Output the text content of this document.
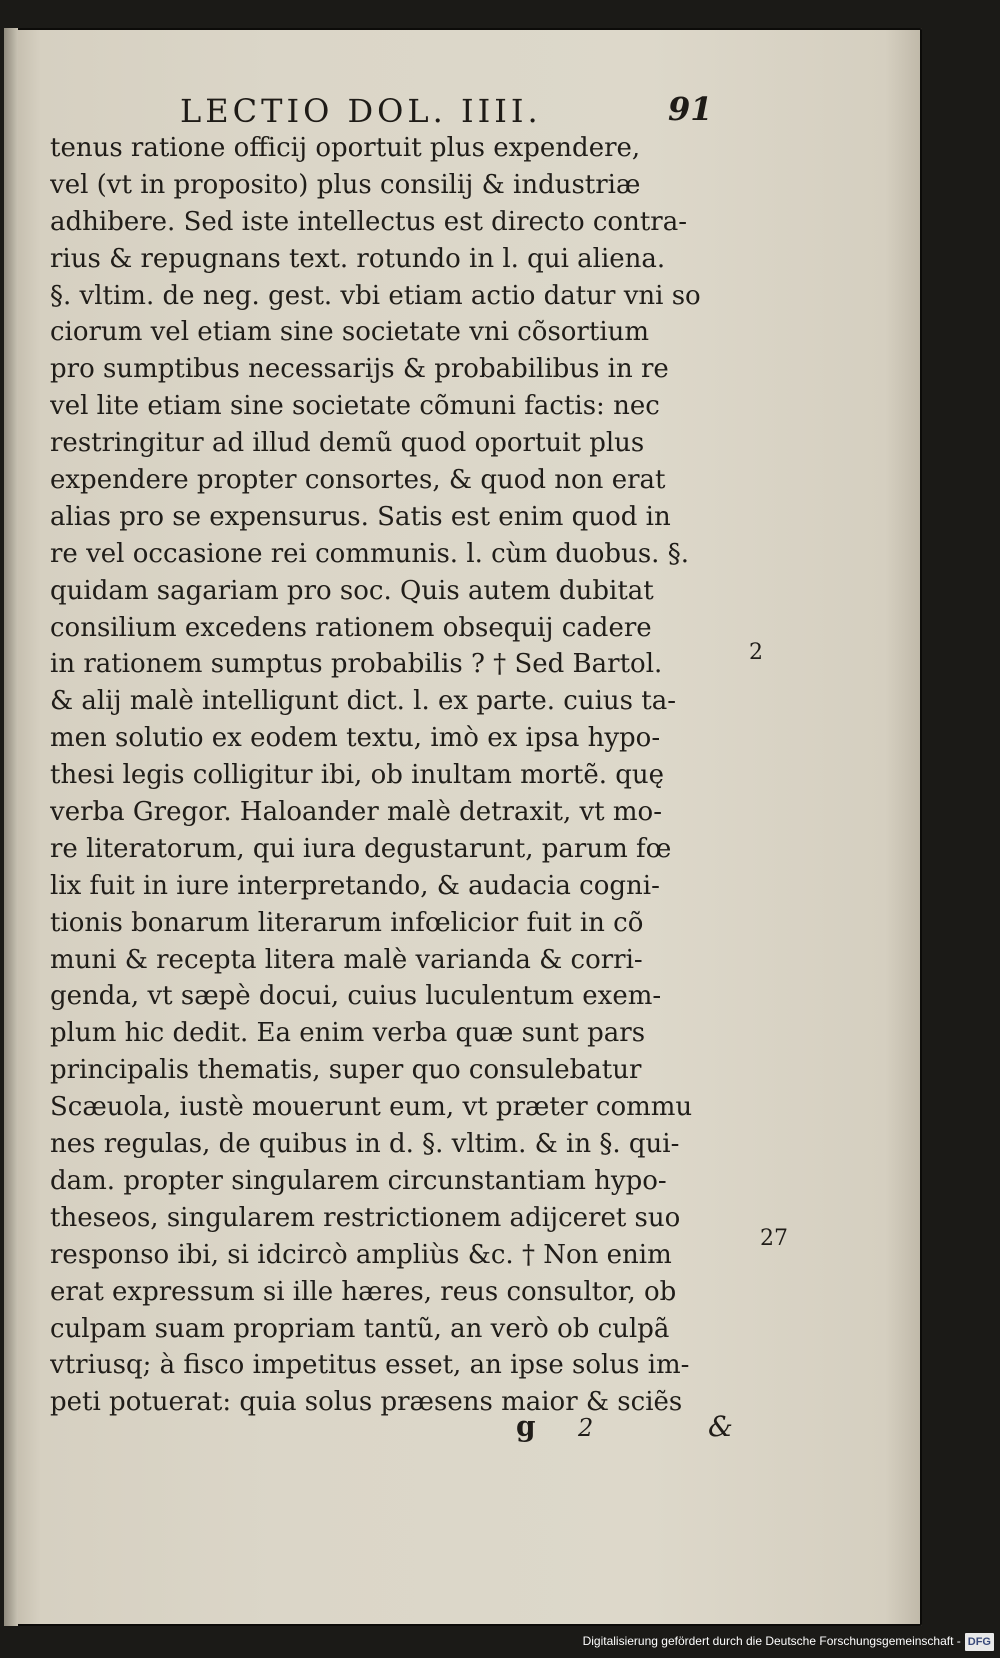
LECTIO DOL. IIII.	91
tenus ratione officij oportuit plus expendere,
vel (vt in proposito) plus consilij & industriæ
adhibere. Sed iste intellectus est directo contra-
rius & repugnans text. rotundo in l. qui aliena.
§. vltim. de neg. gest. vbi etiam actio datur vni so
ciorum vel etiam sine societate vni cõsortium
pro sumptibus necessarijs & probabilibus in re
vel lite etiam sine societate cõmuni factis: nec
restringitur ad illud demũ quod oportuit plus
expendere propter consortes, & quod non erat
alias pro se expensurus. Satis est enim quod in
re vel occasione rei communis. l. cùm duobus. §.
quidam sagariam pro soc. Quis autem dubitat
consilium excedens rationem obsequij cadere
in rationem sumptus probabilis ? † Sed Bartol.
& alij malè intelligunt dict. l. ex parte. cuius ta-
men solutio ex eodem textu, imò ex ipsa hypo-
thesi legis colligitur ibi, ob inultam mortẽ. quę
verba Gregor. Haloander malè detraxit, vt mo-
re literatorum, qui iura degustarunt, parum fœ
lix fuit in iure interpretando, & audacia cogni-
tionis bonarum literarum infœlicior fuit in cõ
muni & recepta litera malè varianda & corri-
genda, vt sæpè docui, cuius luculentum exem-
plum hic dedit. Ea enim verba quæ sunt pars
principalis thematis, super quo consulebatur
Scæuola, iustè mouerunt eum, vt præter commu
nes regulas, de quibus in d. §. vltim. & in §. qui-
dam. propter singularem circunstantiam hypo-
theseos, singularem restrictionem adijceret suo
responso ibi, si idcircò ampliùs &c. † Non enim
erat expressum si ille hæres, reus consultor, ob
culpam suam propriam tantũ, an verò ob culpã
vtriusq; à fisco impetitus esset, an ipse solus im-
peti potuerat: quia solus præsens maior & sciẽs
2
27
g 2	&
Digitalisierung gefördert durch die Deutsche Forschungsgemeinschaft - DFG
